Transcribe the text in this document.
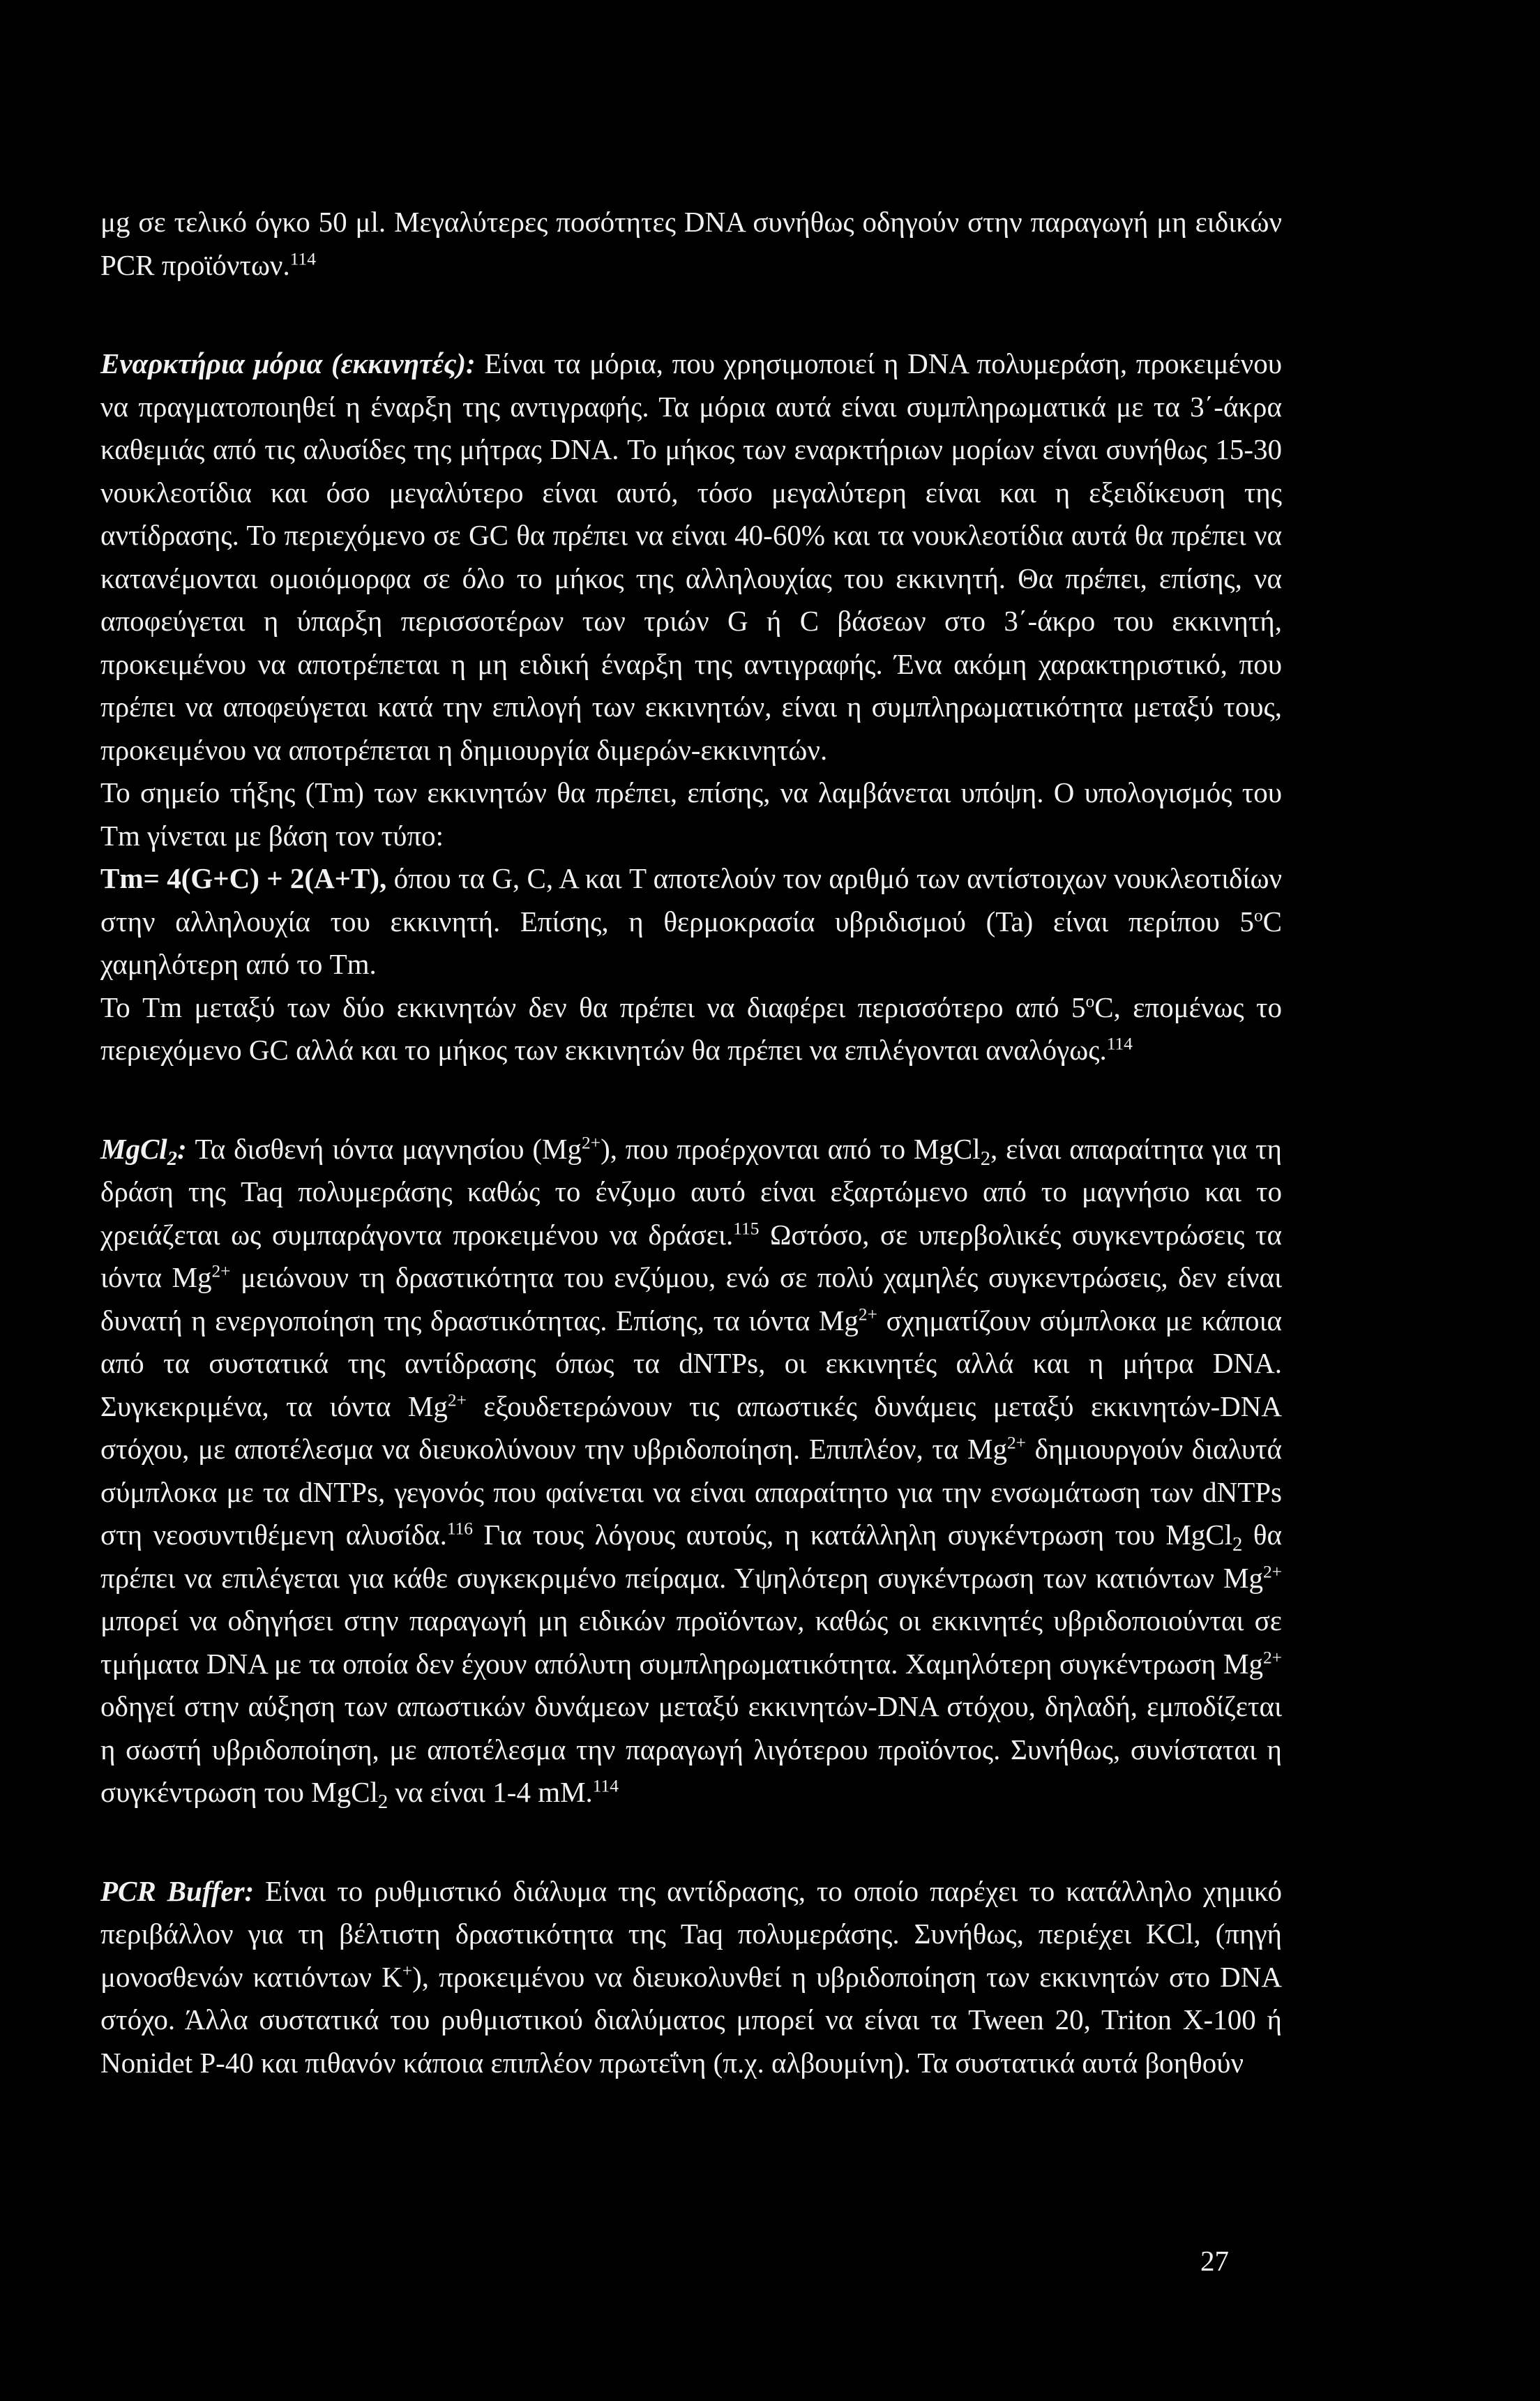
μg σε τελικό όγκο 50 μl. Μεγαλύτερες ποσότητες DNA συνήθως οδηγούν στην παραγωγή μη ειδικών PCR προϊόντων.$^{114}$

Εναρκτήρια μόρια (εκκινητές): Είναι τα μόρια, που χρησιμοποιεί η DNA πολυμεράση, προκειμένου να πραγματοποιηθεί η έναρξη της αντιγραφής. Τα μόρια αυτά είναι συμπληρωματικά με τα 3΄-άκρα καθεμιάς από τις αλυσίδες της μήτρας DNA. Το μήκος των εναρκτήριων μορίων είναι συνήθως 15-30 νουκλεοτίδια και όσο μεγαλύτερο είναι αυτό, τόσο μεγαλύτερη είναι και η εξειδίκευση της αντίδρασης. Το περιεχόμενο σε GC θα πρέπει να είναι 40-60% και τα νουκλεοτίδια αυτά θα πρέπει να κατανέμονται ομοιόμορφα σε όλο το μήκος της αλληλουχίας του εκκινητή. Θα πρέπει, επίσης, να αποφεύγεται η ύπαρξη περισσοτέρων των τριών G ή C βάσεων στο 3΄-άκρο του εκκινητή, προκειμένου να αποτρέπεται η μη ειδική έναρξη της αντιγραφής. Ένα ακόμη χαρακτηριστικό, που πρέπει να αποφεύγεται κατά την επιλογή των εκκινητών, είναι η συμπληρωματικότητα μεταξύ τους, προκειμένου να αποτρέπεται η δημιουργία διμερών-εκκινητών.

Το σημείο τήξης (Tm) των εκκινητών θα πρέπει, επίσης, να λαμβάνεται υπόψη. Ο υπολογισμός του Tm γίνεται με βάση τον τύπο:

Tm= 4(G+C) + 2(A+T), όπου τα G, C, A και T αποτελούν τον αριθμό των αντίστοιχων νουκλεοτιδίων στην αλληλουχία του εκκινητή. Επίσης, η θερμοκρασία υβριδισμού (Ta) είναι περίπου 5$^o$C χαμηλότερη από το Tm.

Το Tm μεταξύ των δύο εκκινητών δεν θα πρέπει να διαφέρει περισσότερο από 5$^o$C, επομένως το περιεχόμενο GC αλλά και το μήκος των εκκινητών θα πρέπει να επιλέγονται αναλόγως.$^{114}$

MgCl$_2$: Τα δισθενή ιόντα μαγνησίου $(Mg^{2+})$, που προέρχονται από το MgCl$_2$, είναι απαραίτητα για τη δράση της Taq πολυμεράσης καθώς το ένζυμο αυτό είναι εξαρτώμενο από το μαγνήσιο και το χρειάζεται ως συμπαράγοντα προκειμένου να δράσει.$^{115}$ Ωστόσο, σε υπερβολικές συγκεντρώσεις τα ιόντα $Mg^{2+}$ μειώνουν τη δραστικότητα του ενζύμου, ενώ σε πολύ χαμηλές συγκεντρώσεις, δεν είναι δυνατή η ενεργοποίηση της δραστικότητας. Επίσης, τα ιόντα $Mg^{2+}$ σχηματίζουν σύμπλοκα με κάποια από τα συστατικά της αντίδρασης όπως τα dNTPs, οι εκκινητές αλλά και η μήτρα DNA. Συγκεκριμένα, τα ιόντα $Mg^{2+}$ εξουδετερώνουν τις απωστικές δυνάμεις μεταξύ εκκινητών-DNA στόχου, με αποτέλεσμα να διευκολύνουν την υβριδοποίηση. Επιπλέον, τα $Mg^{2+}$ δημιουργούν διαλυτά σύμπλοκα με τα dNTPs, γεγονός που φαίνεται να είναι απαραίτητο για την ενσωμάτωση των dNTPs στη νεοσυντιθέμενη αλυσίδα.$^{116}$ Για τους λόγους αυτούς, η κατάλληλη συγκέντρωση του MgCl$_2$ θα πρέπει να επιλέγεται για κάθε συγκεκριμένο πείραμα. Υψηλότερη συγκέντρωση των κατιόντων $Mg^{2+}$ μπορεί να οδηγήσει στην παραγωγή μη ειδικών προϊόντων, καθώς οι εκκινητές υβριδοποιούνται σε τμήματα DNA με τα οποία δεν έχουν απόλυτη συμπληρωματικότητα. Χαμηλότερη συγκέντρωση $Mg^{2+}$ οδηγεί στην αύξηση των απωστικών δυνάμεων μεταξύ εκκινητών-DNA στόχου, δηλαδή, εμποδίζεται η σωστή υβριδοποίηση, με αποτέλεσμα την παραγωγή λιγότερου προϊόντος. Συνήθως, συνίσταται η συγκέντρωση του MgCl$_2$ να είναι 1-4 mM.$^{114}$

PCR Buffer: Είναι το ρυθμιστικό διάλυμα της αντίδρασης, το οποίο παρέχει το κατάλληλο χημικό περιβάλλον για τη βέλτιστη δραστικότητα της Taq πολυμεράσης. Συνήθως, περιέχει KCl, (πηγή μονοσθενών κατιόντων K+), προκειμένου να διευκολυνθεί η υβριδοποίηση των εκκινητών στο DNA στόχο. Άλλα συστατικά του ρυθμιστικού διαλύματος μπορεί να είναι τα Tween 20, Triton X-100 ή Nonidet P-40 και πιθανόν κάποια επιπλέον πρωτεΐνη (π.χ. αλβουμίνη). Τα συστατικά αυτά βοηθούν

27
